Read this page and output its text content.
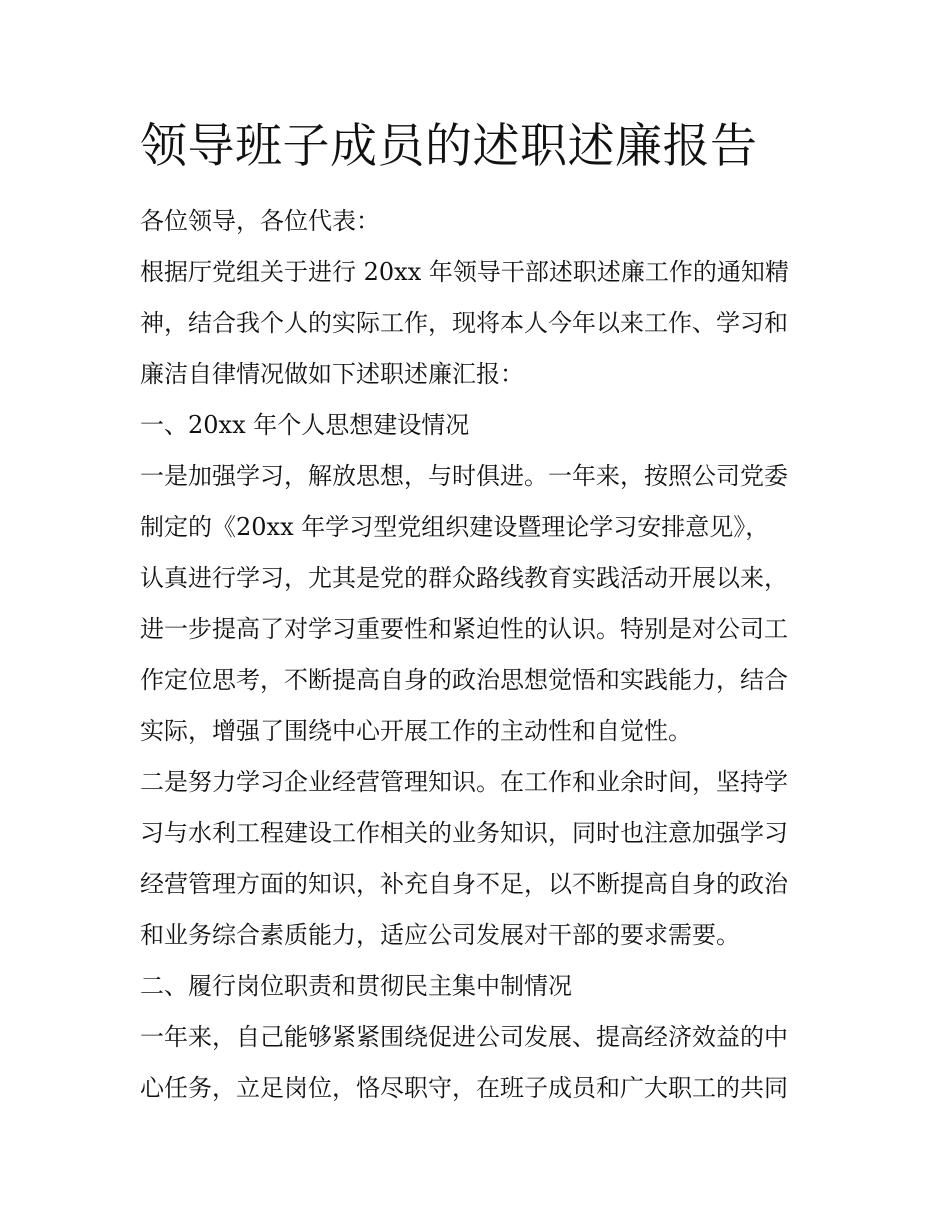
领导班子成员的述职述廉报告
各位领导，各位代表：
根据厅党组关于进行 20xx 年领导干部述职述廉工作的通知精
神，结合我个人的实际工作，现将本人今年以来工作、学习和
廉洁自律情况做如下述职述廉汇报：
一、20xx 年个人思想建设情况
一是加强学习，解放思想，与时俱进。一年来，按照公司党委
制定的《20xx 年学习型党组织建设暨理论学习安排意见》，
认真进行学习，尤其是党的群众路线教育实践活动开展以来，
进一步提高了对学习重要性和紧迫性的认识。特别是对公司工
作定位思考，不断提高自身的政治思想觉悟和实践能力，结合
实际，增强了围绕中心开展工作的主动性和自觉性。
二是努力学习企业经营管理知识。在工作和业余时间，坚持学
习与水利工程建设工作相关的业务知识，同时也注意加强学习
经营管理方面的知识，补充自身不足，以不断提高自身的政治
和业务综合素质能力，适应公司发展对干部的要求需要。
二、履行岗位职责和贯彻民主集中制情况
一年来，自己能够紧紧围绕促进公司发展、提高经济效益的中
心任务，立足岗位，恪尽职守，在班子成员和广大职工的共同
